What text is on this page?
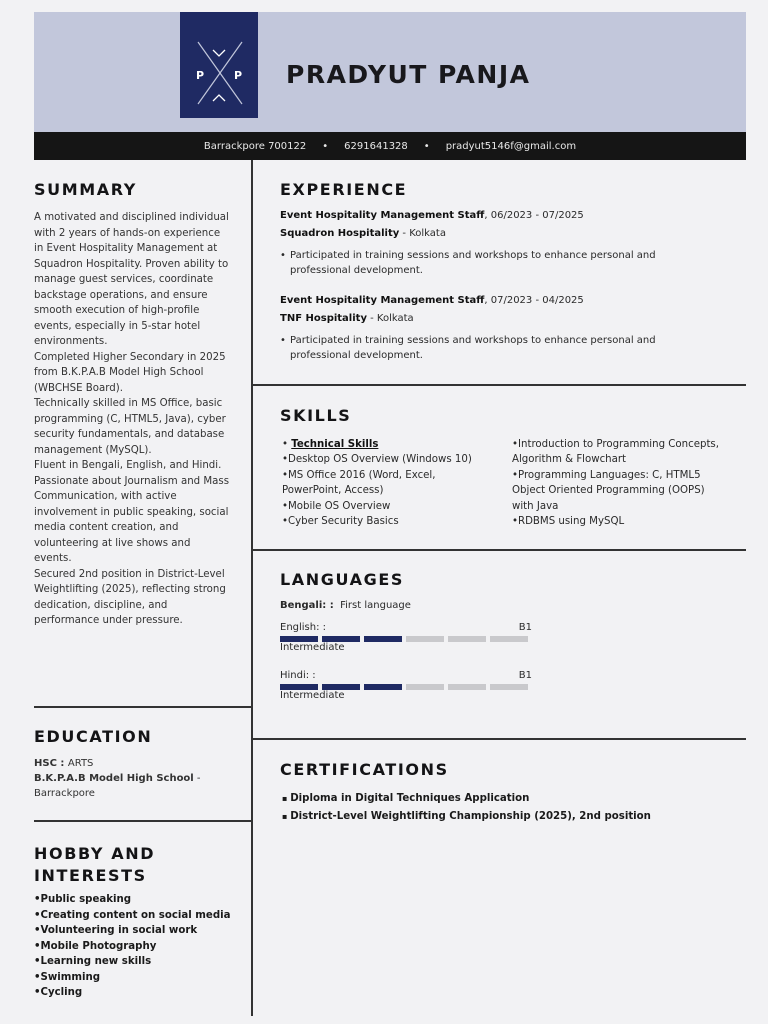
P	P PRADYUT PANJA
Barrackpore 700122 • 6291641328 • pradyut5146f@gmail.com
SUMMARY

A motivated and disciplined individual with 2 years of hands-on experience in Event Hospitality Management at Squadron Hospitality. Proven ability to manage guest services, coordinate backstage operations, and ensure smooth execution of high-profile events, especially in 5-star hotel environments.

Completed Higher Secondary in 2025 from B.K.P.A.B Model High School (WBCHSE Board).

Technically skilled in MS Office, basic programming (C, HTML5, Java), cyber security fundamentals, and database management (MySQL).

Fluent in Bengali, English, and Hindi.

Passionate about Journalism and Mass Communication, with active involvement in public speaking, social media content creation, and volunteering at live shows and events.

Secured 2nd position in District-Level Weightlifting (2025), reflecting strong dedication, discipline, and performance under pressure.

EDUCATION
HSC : ARTS
B.K.P.A.B Model High School -
Barrackpore
HOBBY AND INTERESTS
•Public speaking
•Creating content on social media
•Volunteering in social work
•Mobile Photography
•Learning new skills
•Swimming
•Cycling
EXPERIENCE
Event Hospitality Management Staff, 06/2023 - 07/2025
Squadron Hospitality - Kolkata
• Participated in training sessions and workshops to enhance personal and professional development.
Event Hospitality Management Staff, 07/2023 - 04/2025
TNF Hospitality - Kolkata
• Participated in training sessions and workshops to enhance personal and professional development.
SKILLS
• Technical Skills
•Desktop OS Overview (Windows 10)
•MS Office 2016 (Word, Excel,
PowerPoint, Access)
•Mobile OS Overview
•Cyber Security Basics
•Introduction to Programming Concepts,
Algorithm & Flowchart
•Programming Languages: C, HTML5
Object Oriented Programming (OOPS)
with Java
•RDBMS using MySQL
LANGUAGES
Bengali: : First language
English: :	B1
Intermediate
Hindi: :	B1
Intermediate
CERTIFICATIONS
▪ Diploma in Digital Techniques Application
▪ District-Level Weightlifting Championship (2025), 2nd position
